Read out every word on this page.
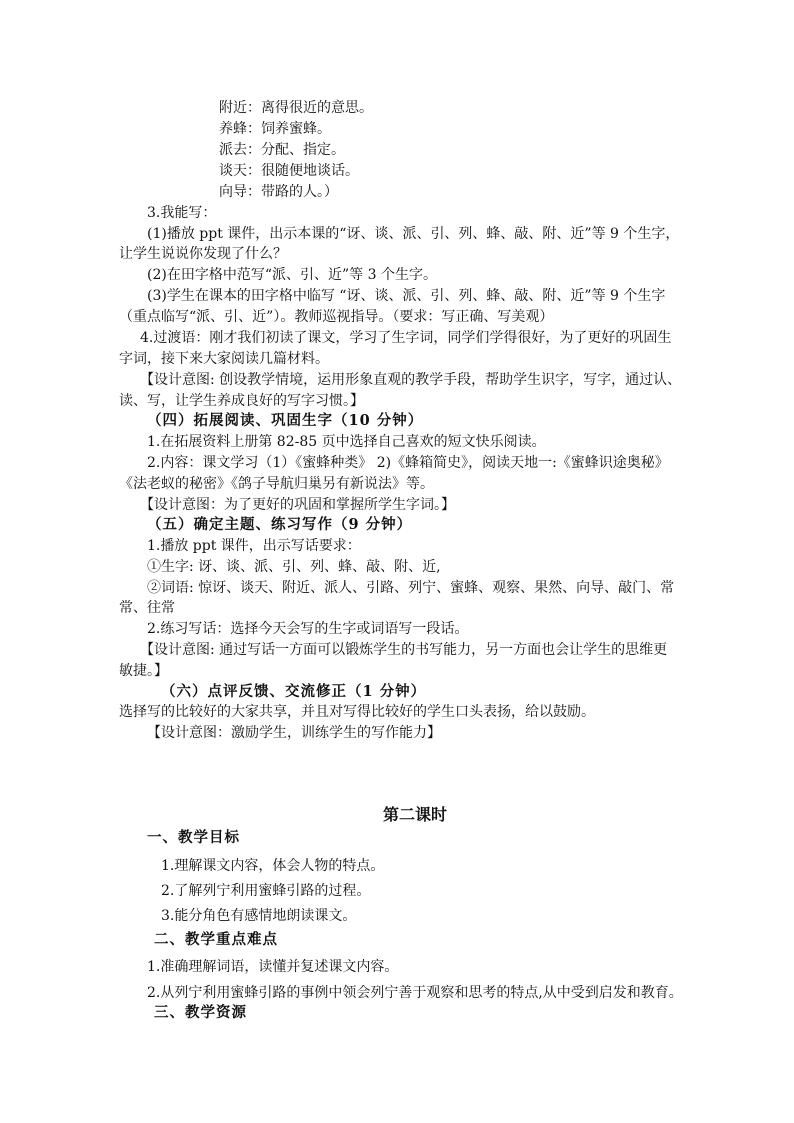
附近：离得很近的意思。
养蜂：饲养蜜蜂。
派去：分配、指定。
谈天：很随便地谈话。
向导：带路的人。）
3.我能写：
(1)播放 ppt 课件，出示本课的“讶、谈、派、引、列、蜂、敲、附、近”等 9 个生字，
让学生说说你发现了什么？
(2)在田字格中范写“派、引、近”等 3 个生字。
(3)学生在课本的田字格中临写 “讶、谈、派、引、列、蜂、敲、附、近”等 9 个生字
（重点临写“派、引、近”）。教师巡视指导。（要求：写正确、写美观）
4.过渡语：刚才我们初读了课文，学习了生字词，同学们学得很好，为了更好的巩固生
字词，接下来大家阅读几篇材料。
【设计意图: 创设教学情境，运用形象直观的教学手段，帮助学生识字，写字，通过认、
读、写，让学生养成良好的写字习惯。】
（四）拓展阅读、巩固生字（10 分钟）
1.在拓展资料上册第 82-85 页中选择自己喜欢的短文快乐阅读。
2.内容：课文学习（1）《蜜蜂种类》 2)《蜂箱简史》，阅读天地一:《蜜蜂识途奥秘》
《法老蚁的秘密》《鸽子导航归巢另有新说法》等。
【设计意图：为了更好的巩固和掌握所学生字词。】
（五）确定主题、练习写作（9 分钟）
1.播放 ppt 课件，出示写话要求：
①生字: 讶、谈、派、引、列、蜂、敲、附、近,
②词语: 惊讶、谈天、附近、派人、引路、列宁、蜜蜂、观察、果然、向导、敲门、常
常、往常
2.练习写话：选择今天会写的生字或词语写一段话。
【设计意图: 通过写话一方面可以锻炼学生的书写能力，另一方面也会让学生的思维更
敏捷。】
（六）点评反馈、交流修正（1 分钟）
选择写的比较好的大家共享，并且对写得比较好的学生口头表扬，给以鼓励。
【设计意图：激励学生，训练学生的写作能力】
第二课时
一、教学目标
1.理解课文内容，体会人物的特点。
2.了解列宁利用蜜蜂引路的过程。
3.能分角色有感情地朗读课文。
二、教学重点难点
1.准确理解词语，读懂并复述课文内容。
2.从列宁利用蜜蜂引路的事例中领会列宁善于观察和思考的特点,从中受到启发和教育。
三、教学资源
